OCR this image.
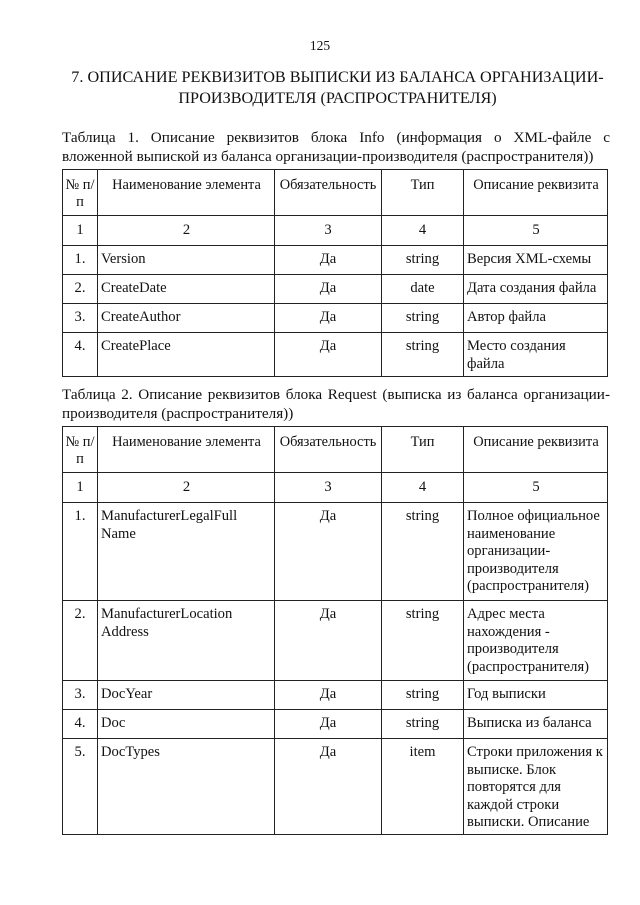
125
7. ОПИСАНИЕ РЕКВИЗИТОВ ВЫПИСКИ ИЗ БАЛАНСА ОРГАНИЗАЦИИ-ПРОИЗВОДИТЕЛЯ (РАСПРОСТРАНИТЕЛЯ)
Таблица 1. Описание реквизитов блока Info (информация о XML-файле с вложенной выпиской из баланса организации-производителя (распространителя))
№ п/п	Наименование элемента	Обязательность	Тип	Описание реквизита
1	2	3	4	5
1.	Version	Да	string	Версия XML-схемы
2.	CreateDate	Да	date	Дата создания файла
3.	CreateAuthor	Да	string	Автор файла
4.	CreatePlace	Да	string	Место создания файла
Таблица 2. Описание реквизитов блока Request (выписка из баланса организации-производителя (распространителя))
№ п/п	Наименование элемента	Обязательность	Тип	Описание реквизита
1	2	3	4	5
1.	ManufacturerLegalFull Name	Да	string	Полное официальное наименование организации-производителя (распространителя)
2.	ManufacturerLocation Address	Да	string	Адрес места нахождения - производителя (распространителя)
3.	DocYear	Да	string	Год выписки
4.	Doc	Да	string	Выписка из баланса
5.	DocTypes	Да	item	Строки приложения к выписке. Блок повторятся для каждой строки выписки. Описание
